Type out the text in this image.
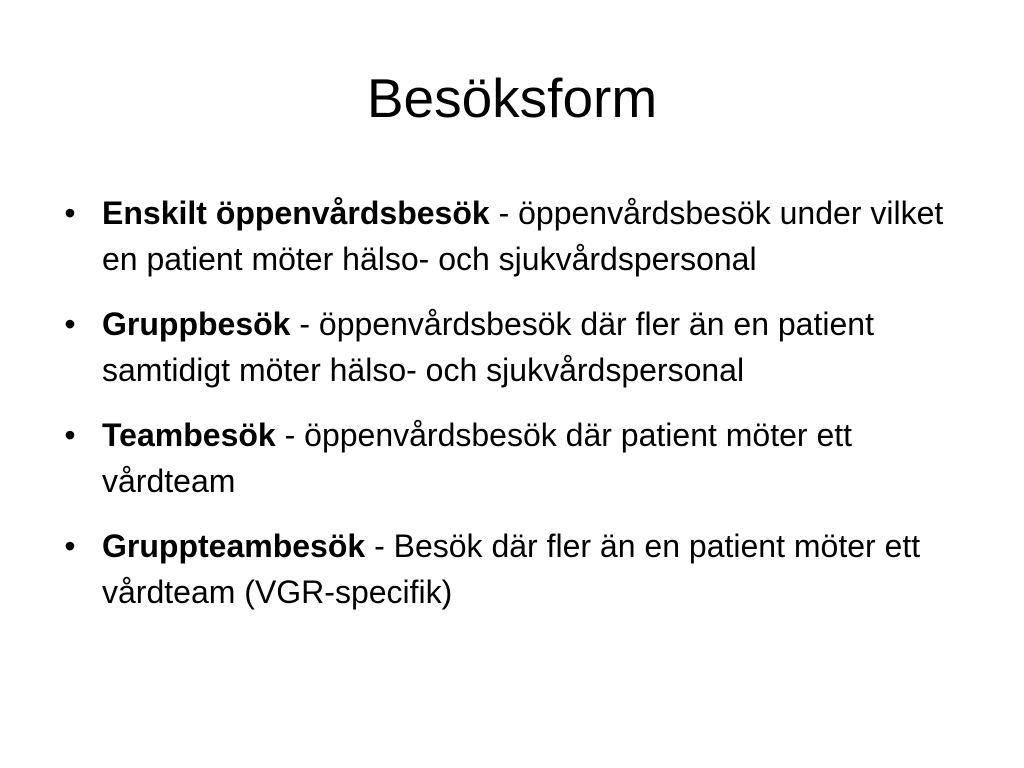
Besöksform
• Enskilt öppenvårdsbesök - öppenvårdsbesök under vilket en patient möter hälso- och sjukvårdspersonal
• Gruppbesök - öppenvårdsbesök där fler än en patient samtidigt möter hälso- och sjukvårdspersonal
• Teambesök - öppenvårdsbesök där patient möter ett vårdteam
• Gruppteambesök - Besök där fler än en patient möter ett vårdteam (VGR-specifik)
